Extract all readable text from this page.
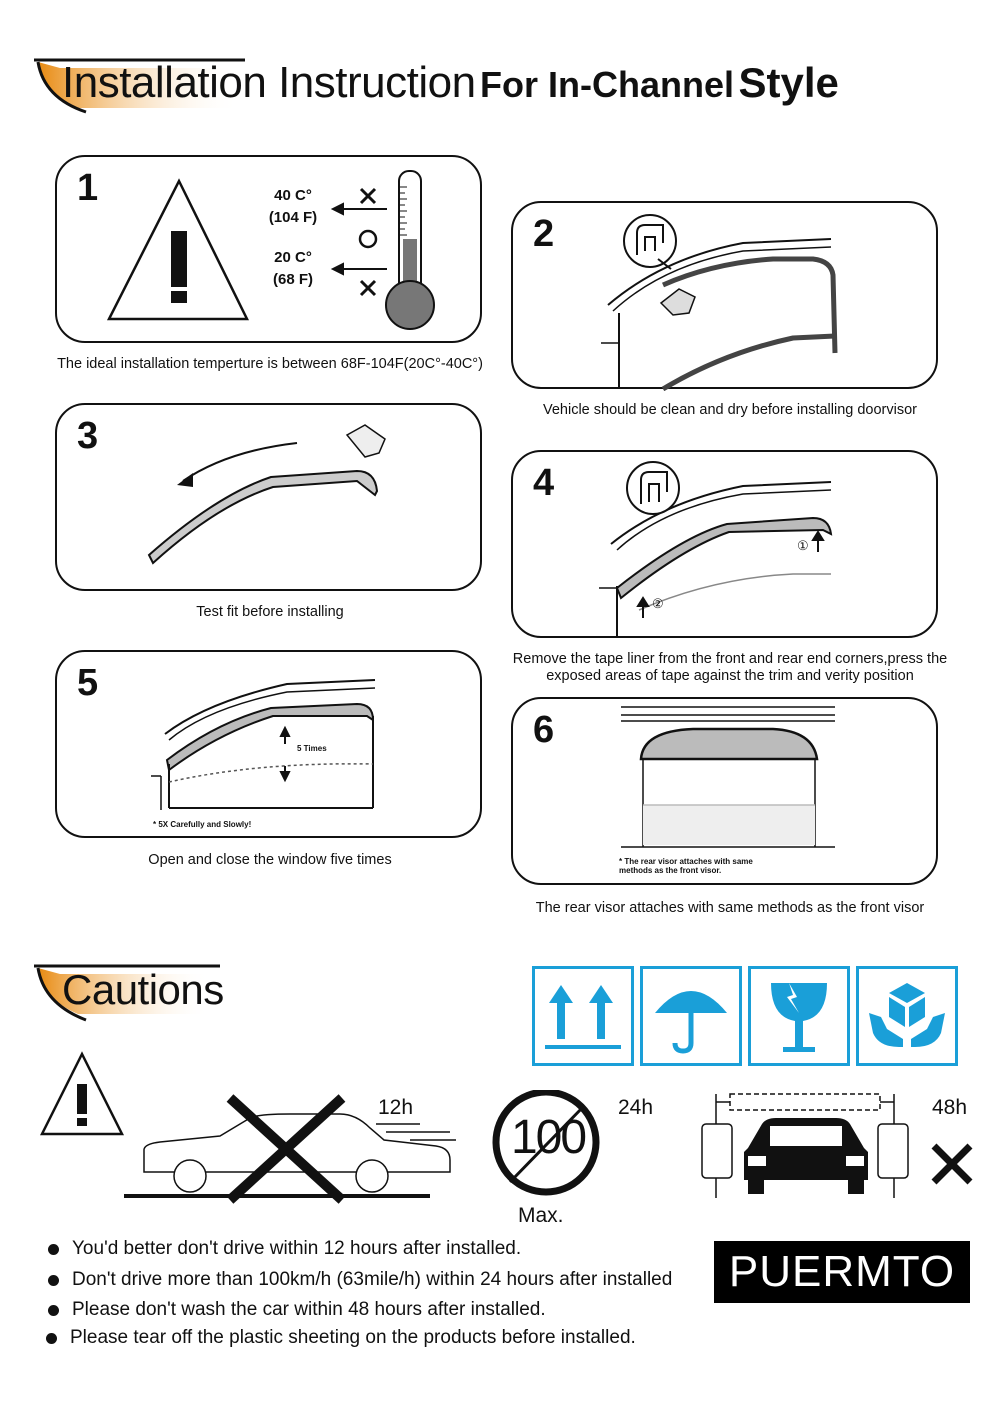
Installation Instruction For In-Channel Style
1	40 C°
(104 F)
20 C°
(68 F)
The ideal installation temperture is between 68F-104F(20C°-40C°)
2
Vehicle should be clean and dry before installing doorvisor
3
Test fit before installing
4
①
②
Remove the tape liner from the front and rear end corners,press the
exposed areas of tape against the trim and verity position
5
5 Times
* 5X Carefully and Slowly!
Open and close the window five times
6
* The rear visor attaches with same
methods as the front visor.
The rear visor attaches with same methods as the front visor
Cautions
12h
100
24h
Max.
48h
You'd better don't drive within 12 hours after installed.
Don't drive more than 100km/h (63mile/h) within 24 hours after installed
Please don't wash the car within 48 hours after installed.
Please tear off the plastic sheeting on the products before installed.
PUERMTO
